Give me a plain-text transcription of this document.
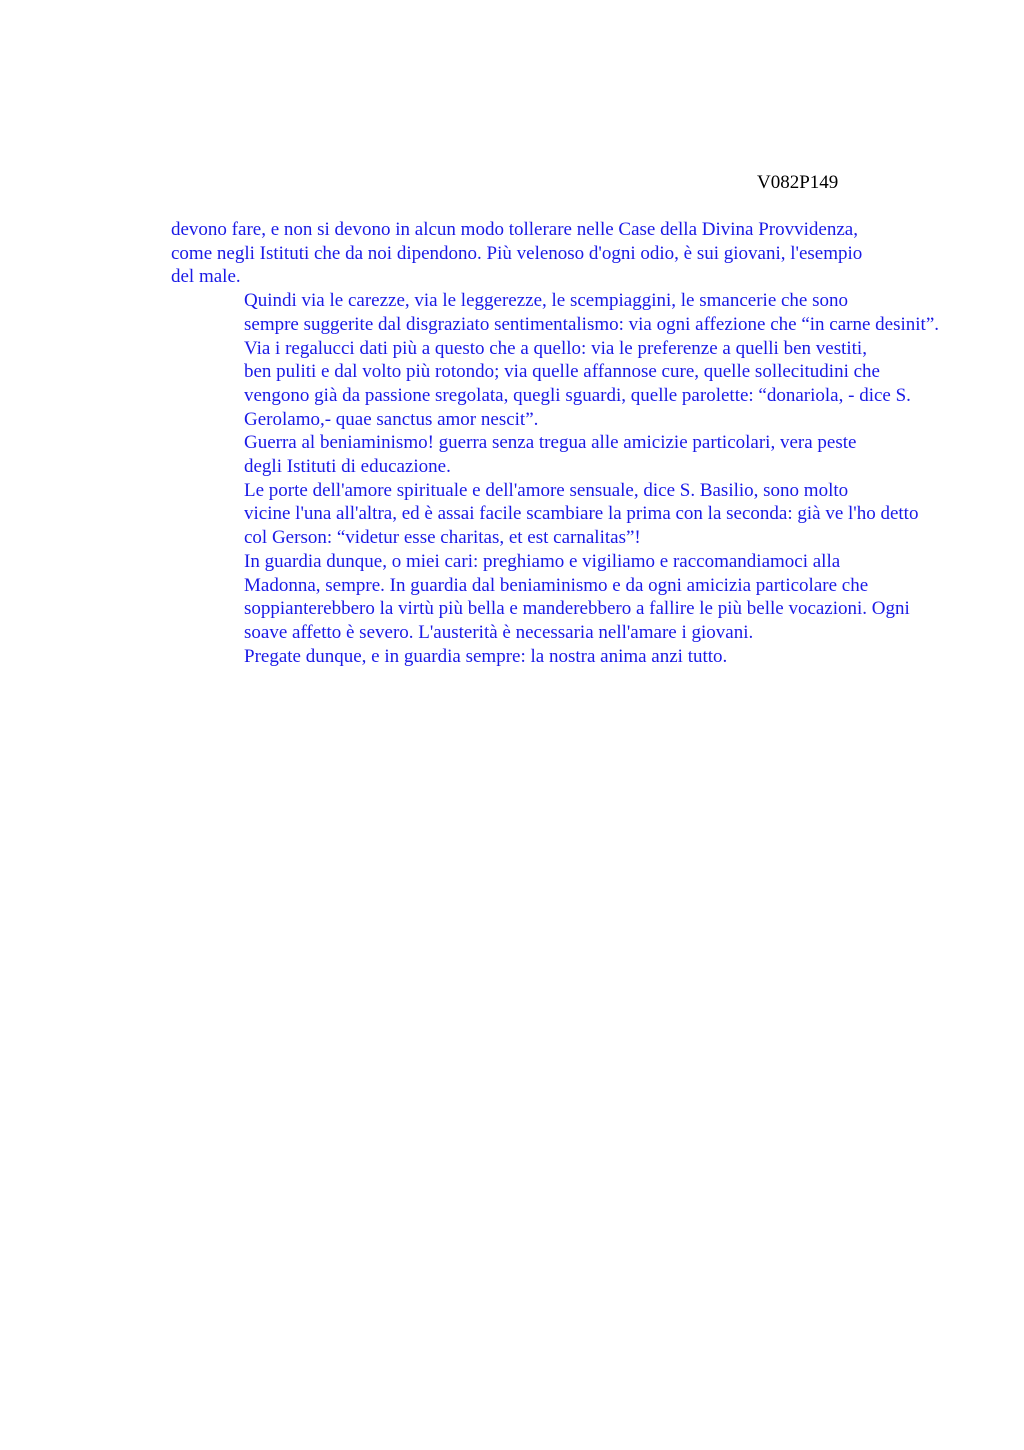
V082P149

devono fare, e non si devono in alcun modo tollerare nelle Case della Divina Provvidenza,
come negli Istituti che da noi dipendono. Più velenoso d'ogni odio, è sui giovani, l'esempio
del male.

Quindi via le carezze, via le leggerezze, le scempiaggini, le smancerie che sono
sempre suggerite dal disgraziato sentimentalismo: via ogni affezione che “in carne desinit”.

Via i regalucci dati più a questo che a quello: via le preferenze a quelli ben vestiti,
ben puliti e dal volto più rotondo; via quelle affannose cure, quelle sollecitudini che
vengono già da passione sregolata, quegli sguardi, quelle parolette: “donariola, - dice S.
Gerolamo,- quae sanctus amor nescit”.

Guerra al beniaminismo! guerra senza tregua alle amicizie particolari, vera peste
degli Istituti di educazione.

Le porte dell'amore spirituale e dell'amore sensuale, dice S. Basilio, sono molto
vicine l'una all'altra, ed è assai facile scambiare la prima con la seconda: già ve l'ho detto
col Gerson: “videtur esse charitas, et est carnalitas”!

In guardia dunque, o miei cari: preghiamo e vigiliamo e raccomandiamoci alla
Madonna, sempre. In guardia dal beniaminismo e da ogni amicizia particolare che
soppianterebbero la virtù più bella e manderebbero a fallire le più belle vocazioni. Ogni
soave affetto è severo. L'austerità è necessaria nell'amare i giovani.

Pregate dunque, e in guardia sempre: la nostra anima anzi tutto.
